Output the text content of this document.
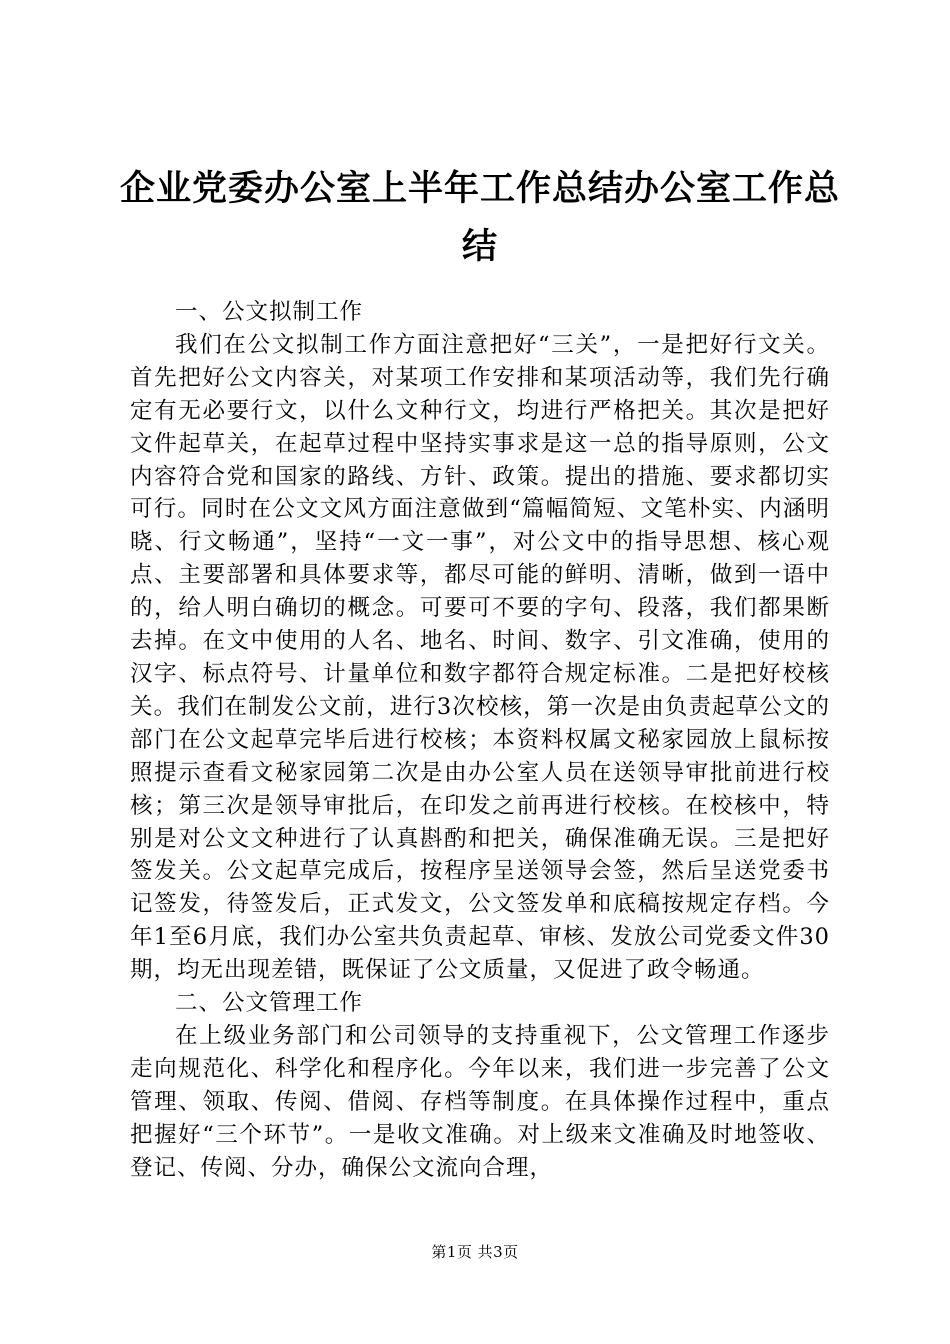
企业党委办公室上半年工作总结办公室工作总
结
一、公文拟制工作

我们在公文拟制工作方面注意把好“三关”，一是把好行文关。首先把好公文内容关，对某项工作安排和某项活动等，我们先行确定有无必要行文，以什么文种行文，均进行严格把关。其次是把好文件起草关，在起草过程中坚持实事求是这一总的指导原则，公文内容符合党和国家的路线、方针、政策。提出的措施、要求都切实可行。同时在公文文风方面注意做到“篇幅简短、文笔朴实、内涵明晓、行文畅通”，坚持“一文一事”，对公文中的指导思想、核心观点、主要部署和具体要求等，都尽可能的鲜明、清晰，做到一语中的，给人明白确切的概念。可要可不要的字句、段落，我们都果断去掉。在文中使用的人名、地名、时间、数字、引文准确，使用的汉字、标点符号、计量单位和数字都符合规定标准。二是把好校核关。我们在制发公文前，进行3次校核，第一次是由负责起草公文的部门在公文起草完毕后进行校核；本资料权属文秘家园放上鼠标按照提示查看文秘家园第二次是由办公室人员在送领导审批前进行校核；第三次是领导审批后，在印发之前再进行校核。在校核中，特别是对公文文种进行了认真斟酌和把关，确保准确无误。三是把好签发关。公文起草完成后，按程序呈送领导会签，然后呈送党委书记签发，待签发后，正式发文，公文签发单和底稿按规定存档。今年1至6月底，我们办公室共负责起草、审核、发放公司党委文件30期，均无出现差错，既保证了公文质量，又促进了政令畅通。

二、公文管理工作

在上级业务部门和公司领导的支持重视下，公文管理工作逐步走向规范化、科学化和程序化。今年以来，我们进一步完善了公文管理、领取、传阅、借阅、存档等制度。在具体操作过程中，重点把握好“三个环节”。一是收文准确。对上级来文准确及时地签收、登记、传阅、分办，确保公文流向合理，

第1页 共3页
